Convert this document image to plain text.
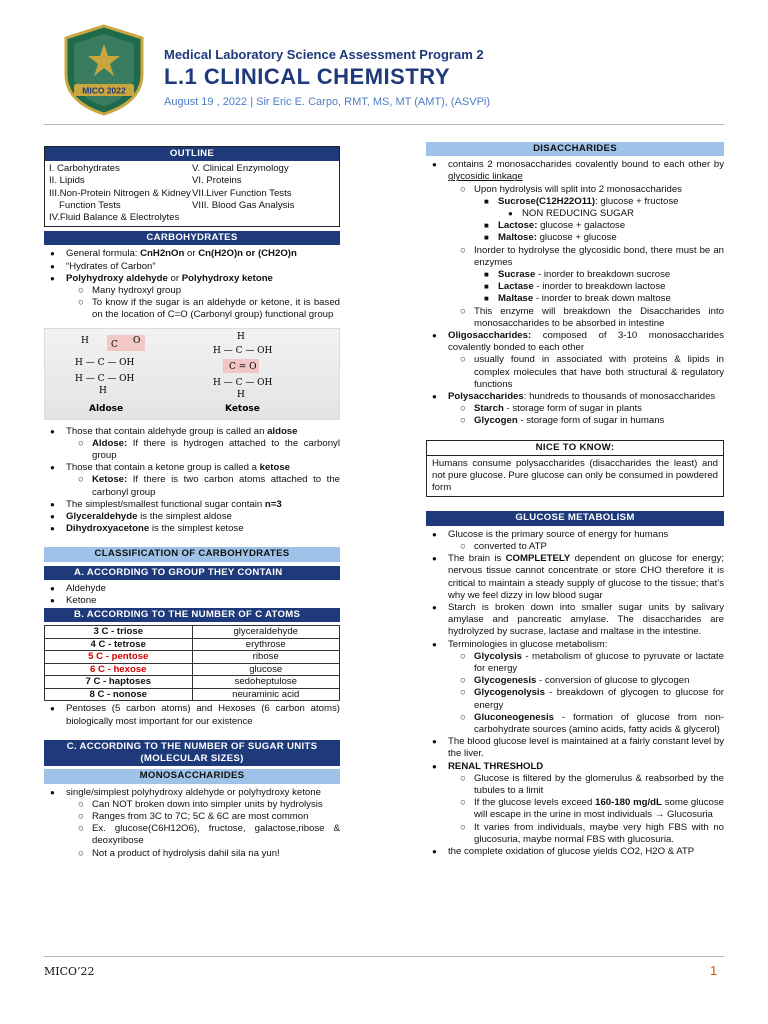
MICO 2022
Medical Laboratory Science Assessment Program 2
L.1 CLINICAL CHEMISTRY
August 19 , 2022 | Sir Eric E. Carpo, RMT, MS, MT (AMT), (ASVPi)
OUTLINE
I. Carbohydrates
II. Lipids
III.Non-Protein Nitrogen & Kidney Function Tests
IV.Fluid Balance & Electrolytes
V. Clinical Enzymology
VI. Proteins
VII.Liver Function Tests
VIII. Blood Gas Analysis
CARBOHYDRATES
● General formula: CnH2nOn or Cn(H2O)n or (CH2O)n
● “Hydrates of Carbon”
● Polyhydroxy aldehyde or Polyhydroxy ketone
○ Many hydroxyl group
○ To know if the sugar is an aldehyde or ketone, it is based on the location of C=O (Carbonyl group) functional group
H C O
H — C — OH
H — C — OH
H
Aldose
H
H — C — OH
C = O
H — C — OH
H
Ketose
● Those that contain aldehyde group is called an aldose
○ Aldose: If there is hydrogen attached to the carbonyl group
● Those that contain a ketone group is called a ketose
○ Ketose: If there is two carbon atoms attached to the carbonyl group
● The simplest/smallest functional sugar contain n=3
● Glyceraldehyde is the simplest aldose
● Dihydroxyacetone is the simplest ketose
CLASSIFICATION OF CARBOHYDRATES
A. ACCORDING TO GROUP THEY CONTAIN
● Aldehyde
● Ketone
B. ACCORDING TO THE NUMBER OF C ATOMS
3 C - triose	glyceraldehyde
4 C - tetrose	erythrose
5 C - pentose	ribose
6 C - hexose	glucose
7 C - haptoses	sedoheptulose
8 C - nonose	neuraminic acid
● Pentoses (5 carbon atoms) and Hexoses (6 carbon atoms) biologically most important for our existence
C. ACCORDING TO THE NUMBER OF SUGAR UNITS (MOLECULAR SIZES)
MONOSACCHARIDES
● single/simplest polyhydroxy aldehyde or polyhydroxy ketone
○ Can NOT broken down into simpler units by hydrolysis
○ Ranges from 3C to 7C; 5C & 6C are most common
○ Ex. glucose(C6H12O6), fructose, galactose,ribose & deoxyribose
○ Not a product of hydrolysis dahil sila na yun!
DISACCHARIDES
● contains 2 monosaccharides covalently bound to each other by glycosidic linkage
○ Upon hydrolysis will split into 2 monosaccharides
■ Sucrose(C12H22O11): glucose + fructose
● NON REDUCING SUGAR
■ Lactose: glucose + galactose
■ Maltose: glucose + glucose
○ Inorder to hydrolyse the glycosidic bond, there must be an enzymes
■ Sucrase - inorder to breakdown sucrose
■ Lactase - inorder to breakdown lactose
■ Maltase - inorder to break down maltose
○ This enzyme will breakdown the Disaccharides into monosaccharides to be absorbed in intestine
● Oligosaccharides: composed of 3-10 monosaccharides covalently bonded to each other
○ usually found in associated with proteins & lipids in complex molecules that have both structural & regulatory functions
● Polysaccharides: hundreds to thousands of monosaccharides
○ Starch - storage form of sugar in plants
○ Glycogen - storage form of sugar in humans
NICE TO KNOW:
Humans consume polysaccharides (disaccharides the least) and not pure glucose. Pure glucose can only be consumed in powdered form
GLUCOSE METABOLISM
● Glucose is the primary source of energy for humans
○ converted to ATP
● The brain is COMPLETELY dependent on glucose for energy; nervous tissue cannot concentrate or store CHO therefore it is critical to maintain a steady supply of glucose to the tissue; that’s why we feel dizzy in low blood sugar
● Starch is broken down into smaller sugar units by salivary amylase and pancreatic amylase. The disaccharides are hydrolyzed by sucrase, lactase and maltase in the intestine.
● Terminologies in glucose metabolism:
○ Glycolysis - metabolism of glucose to pyruvate or lactate for energy
○ Glycogenesis - conversion of glucose to glycogen
○ Glycogenolysis - breakdown of glycogen to glucose for energy
○ Gluconeogenesis - formation of glucose from non-carbohydrate sources (amino acids, fatty acids & glycerol)
● The blood glucose level is maintained at a fairly constant level by the liver.
● RENAL THRESHOLD
○ Glucose is filtered by the glomerulus & reabsorbed by the tubules to a limit
○ If the glucose levels exceed 160-180 mg/dL some glucose will escape in the urine in most individuals → Glucosuria
○ It varies from individuals, maybe very high FBS with no glucosuria, maybe normal FBS with glucosuria.
● the complete oxidation of glucose yields CO2, H2O & ATP
MICO’22	1
